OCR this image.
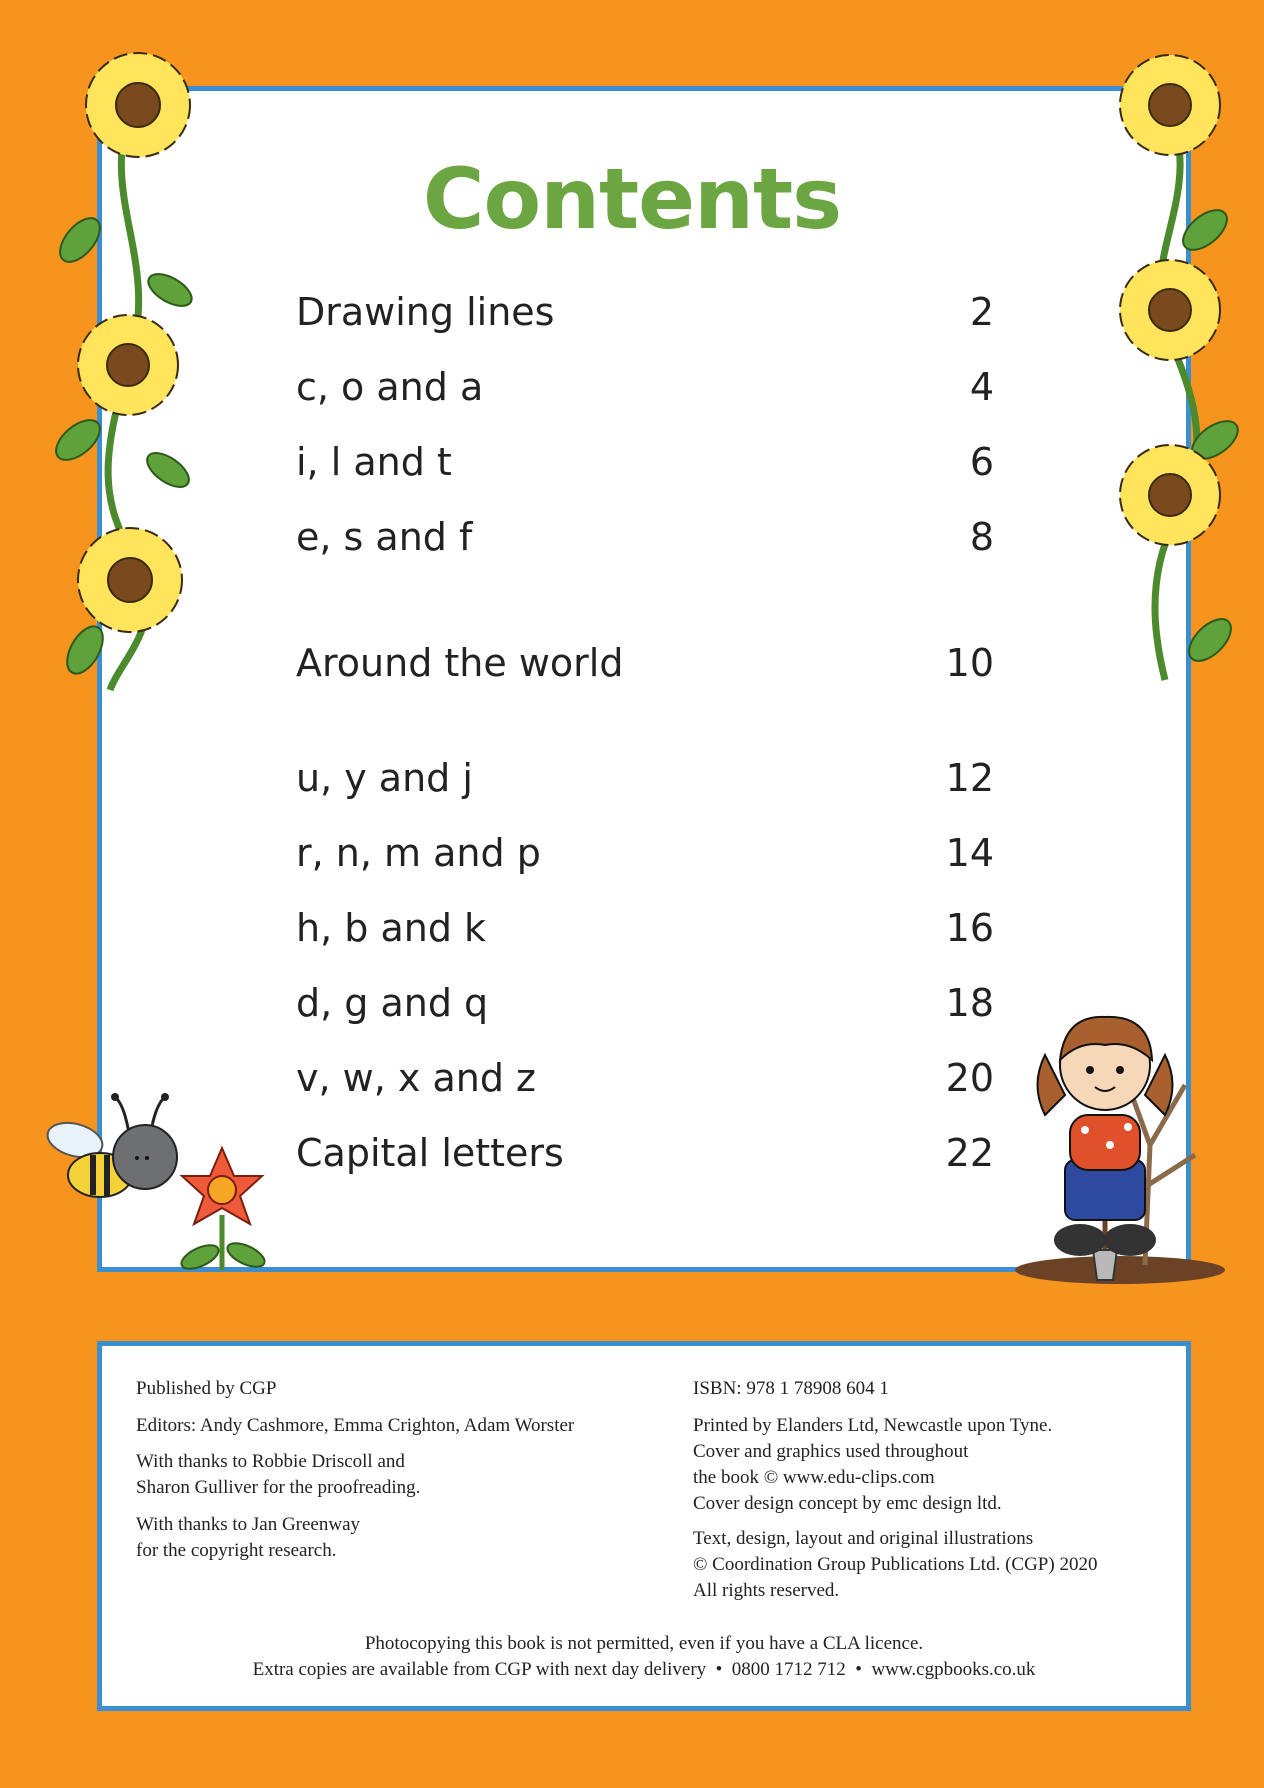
Contents
Drawing lines	2
c, o and a	4
i, l and t	6
e, s and f	8
Around the world	10
u, y and j	12
r, n, m and p	14
h, b and k	16
d, g and q	18
v, w, x and z	20
Capital letters	22
Published by CGP
Editors: Andy Cashmore, Emma Crighton, Adam Worster
With thanks to Robbie Driscoll and
Sharon Gulliver for the proofreading.
With thanks to Jan Greenway
for the copyright research.
ISBN: 978 1 78908 604 1
Printed by Elanders Ltd, Newcastle upon Tyne.
Cover and graphics used throughout
the book © www.edu-clips.com
Cover design concept by emc design ltd.
Text, design, layout and original illustrations
© Coordination Group Publications Ltd. (CGP) 2020
All rights reserved.
Photocopying this book is not permitted, even if you have a CLA licence.
Extra copies are available from CGP with next day delivery  •  0800 1712 712  •  www.cgpbooks.co.uk
